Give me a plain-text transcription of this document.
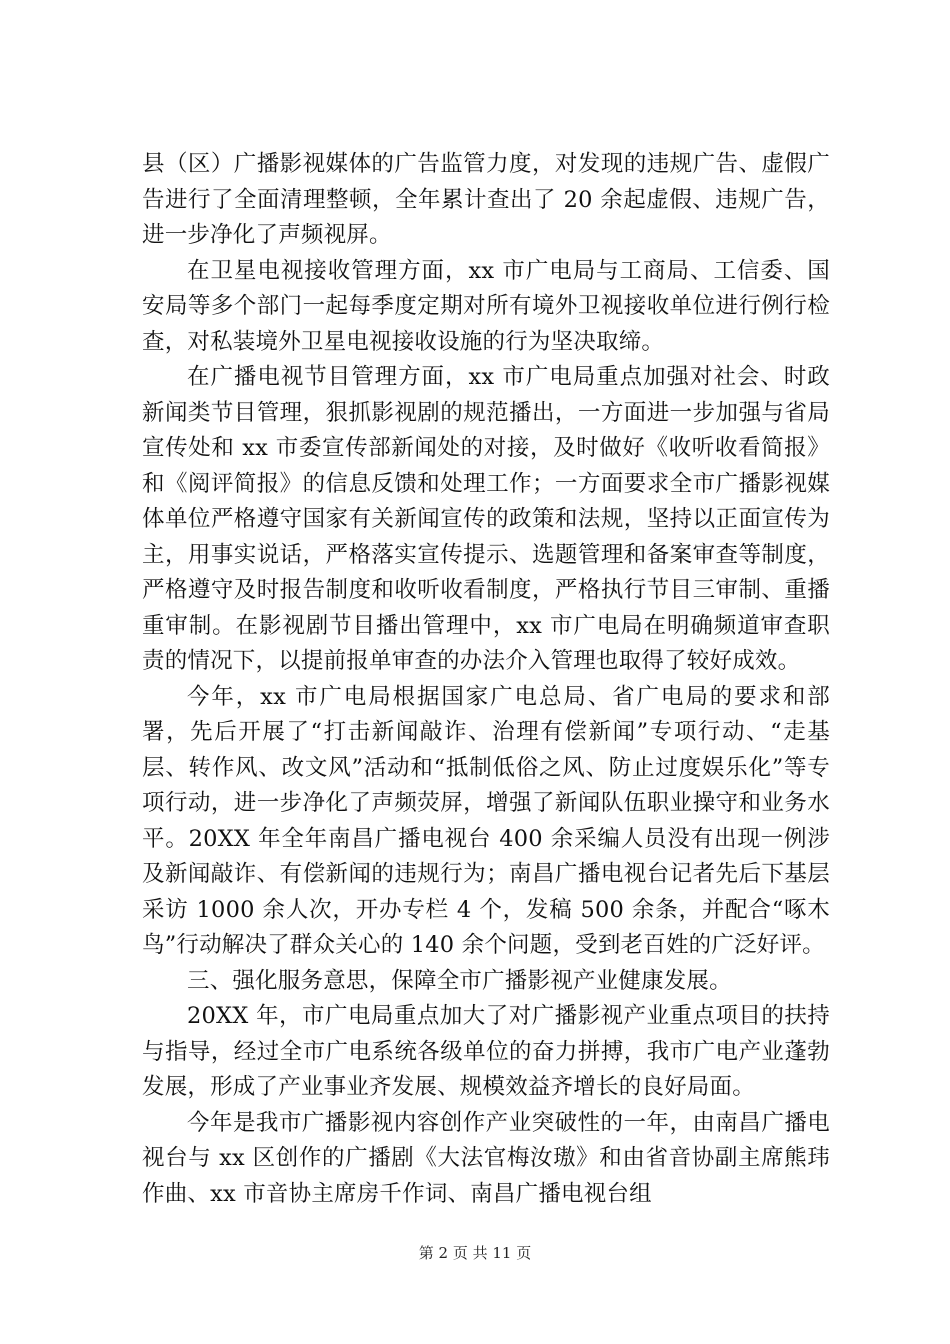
县（区）广播影视媒体的广告监管力度，对发现的违规广告、虚假广告进行了全面清理整顿，全年累计查出了 20 余起虚假、违规广告，进一步净化了声频视屏。

在卫星电视接收管理方面，xx 市广电局与工商局、工信委、国安局等多个部门一起每季度定期对所有境外卫视接收单位进行例行检查，对私装境外卫星电视接收设施的行为坚决取缔。

在广播电视节目管理方面，xx 市广电局重点加强对社会、时政新闻类节目管理，狠抓影视剧的规范播出，一方面进一步加强与省局宣传处和 xx 市委宣传部新闻处的对接，及时做好《收听收看简报》和《阅评简报》的信息反馈和处理工作；一方面要求全市广播影视媒体单位严格遵守国家有关新闻宣传的政策和法规，坚持以正面宣传为主，用事实说话，严格落实宣传提示、选题管理和备案审查等制度，严格遵守及时报告制度和收听收看制度，严格执行节目三审制、重播重审制。在影视剧节目播出管理中，xx 市广电局在明确频道审查职责的情况下，以提前报单审查的办法介入管理也取得了较好成效。

今年，xx 市广电局根据国家广电总局、省广电局的要求和部署，先后开展了“打击新闻敲诈、治理有偿新闻”专项行动、“走基层、转作风、改文风”活动和“抵制低俗之风、防止过度娱乐化”等专项行动，进一步净化了声频荧屏，增强了新闻队伍职业操守和业务水平。20XX 年全年南昌广播电视台 400 余采编人员没有出现一例涉及新闻敲诈、有偿新闻的违规行为；南昌广播电视台记者先后下基层采访 1000 余人次，开办专栏 4 个，发稿 500 余条，并配合“啄木鸟”行动解决了群众关心的 140 余个问题，受到老百姓的广泛好评。

三、强化服务意思，保障全市广播影视产业健康发展。

20XX 年，市广电局重点加大了对广播影视产业重点项目的扶持与指导，经过全市广电系统各级单位的奋力拼搏，我市广电产业蓬勃发展，形成了产业事业齐发展、规模效益齐增长的良好局面。

今年是我市广播影视内容创作产业突破性的一年，由南昌广播电视台与 xx 区创作的广播剧《大法官梅汝璈》和由省音协副主席熊玮作曲、xx 市音协主席房千作词、南昌广播电视台组

第 2 页 共 11 页
